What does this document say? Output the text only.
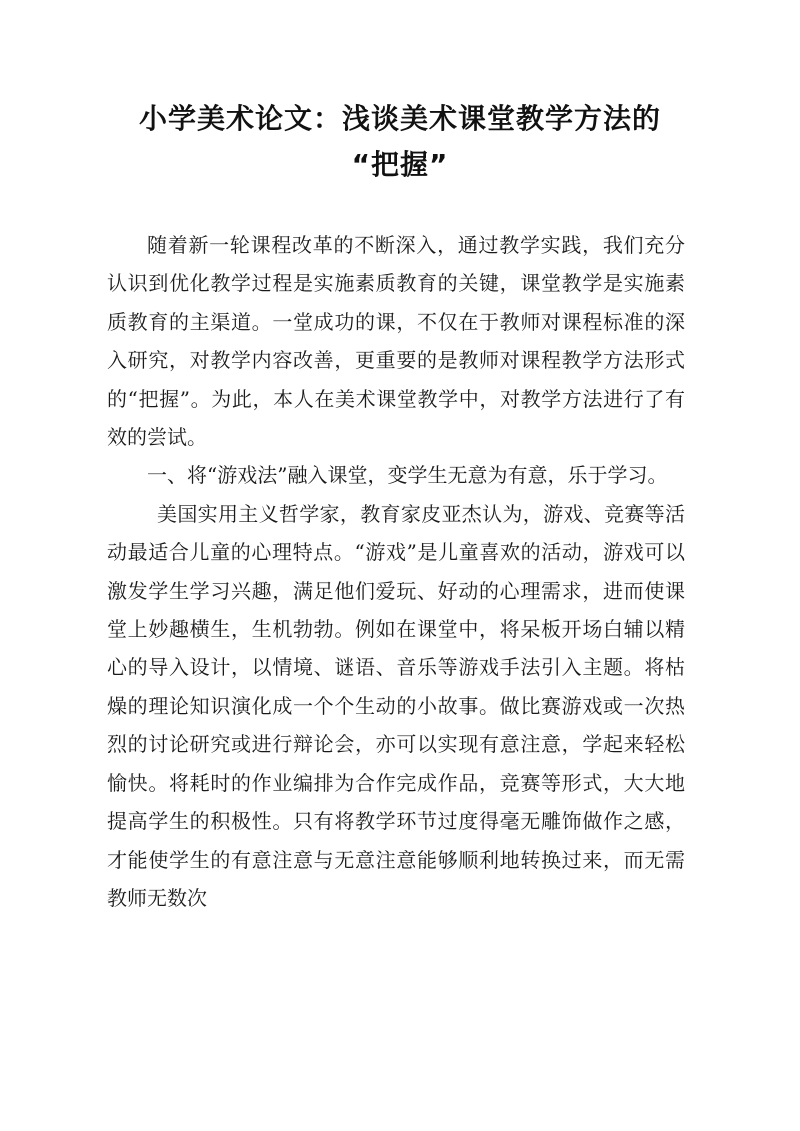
小学美术论文：浅谈美术课堂教学方法的
“把握”

随着新一轮课程改革的不断深入，通过教学实践，我们充分认识到优化教学过程是实施素质教育的关键，课堂教学是实施素质教育的主渠道。一堂成功的课，不仅在于教师对课程标准的深入研究，对教学内容改善，更重要的是教师对课程教学方法形式的“把握”。为此，本人在美术课堂教学中，对教学方法进行了有效的尝试。

一、将“游戏法”融入课堂，变学生无意为有意，乐于学习。

美国实用主义哲学家，教育家皮亚杰认为，游戏、竞赛等活动最适合儿童的心理特点。“游戏”是儿童喜欢的活动，游戏可以激发学生学习兴趣，满足他们爱玩、好动的心理需求，进而使课堂上妙趣横生，生机勃勃。例如在课堂中，将呆板开场白辅以精心的导入设计，以情境、谜语、音乐等游戏手法引入主题。将枯燥的理论知识演化成一个个生动的小故事。做比赛游戏或一次热烈的讨论研究或进行辩论会，亦可以实现有意注意，学起来轻松愉快。将耗时的作业编排为合作完成作品，竞赛等形式，大大地提高学生的积极性。只有将教学环节过度得毫无雕饰做作之感，才能使学生的有意注意与无意注意能够顺利地转换过来，而无需教师无数次
